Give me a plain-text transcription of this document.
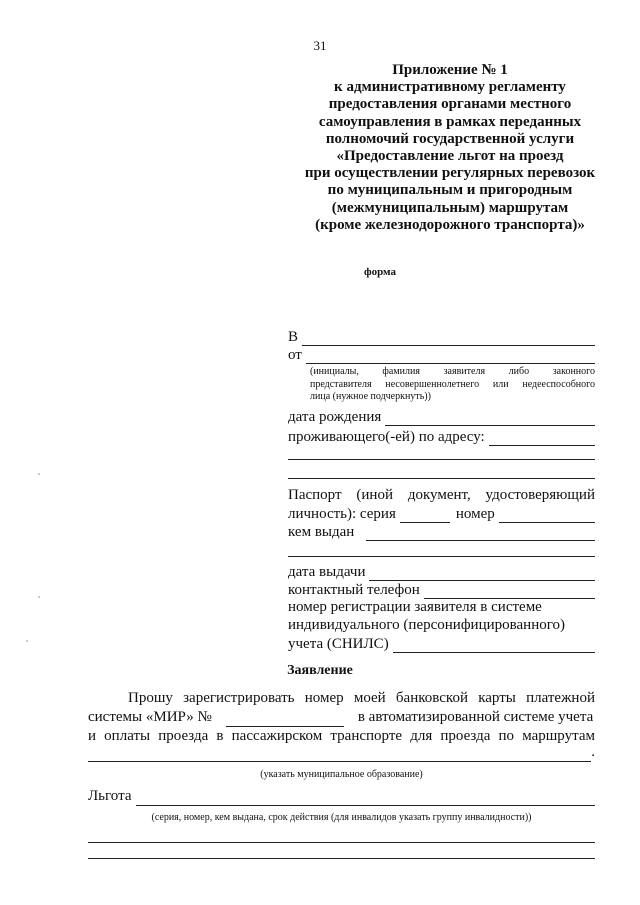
31
Приложение № 1
к административному регламенту
предоставления органами местного
самоуправления в рамках переданных
полномочий государственной услуги
«Предоставление льгот на проезд
при осуществлении регулярных перевозок
по муниципальным и пригородным
(межмуниципальным) маршрутам
(кроме железнодорожного транспорта)»
форма
В
от
(инициалы, фамилия заявителя либо законного
представителя несовершеннолетнего или недееспособного
лица (нужное подчеркнуть))
дата рождения
проживающего(-ей) по адресу:
Паспорт (иной документ, удостоверяющий
личность): серия	номер
кем выдан
дата выдачи
контактный телефон
номер регистрации заявителя в системе
индивидуального (персонифицированного)
учета (СНИЛС)
Заявление
Прошу зарегистрировать номер моей банковской карты платежной
системы «МИР» №	в автоматизированной системе учета
и оплаты проезда в пассажирском транспорте для проезда по маршрутам
.
(указать муниципальное образование)
Льгота
(серия, номер, кем выдана, срок действия (для инвалидов указать группу инвалидности))
